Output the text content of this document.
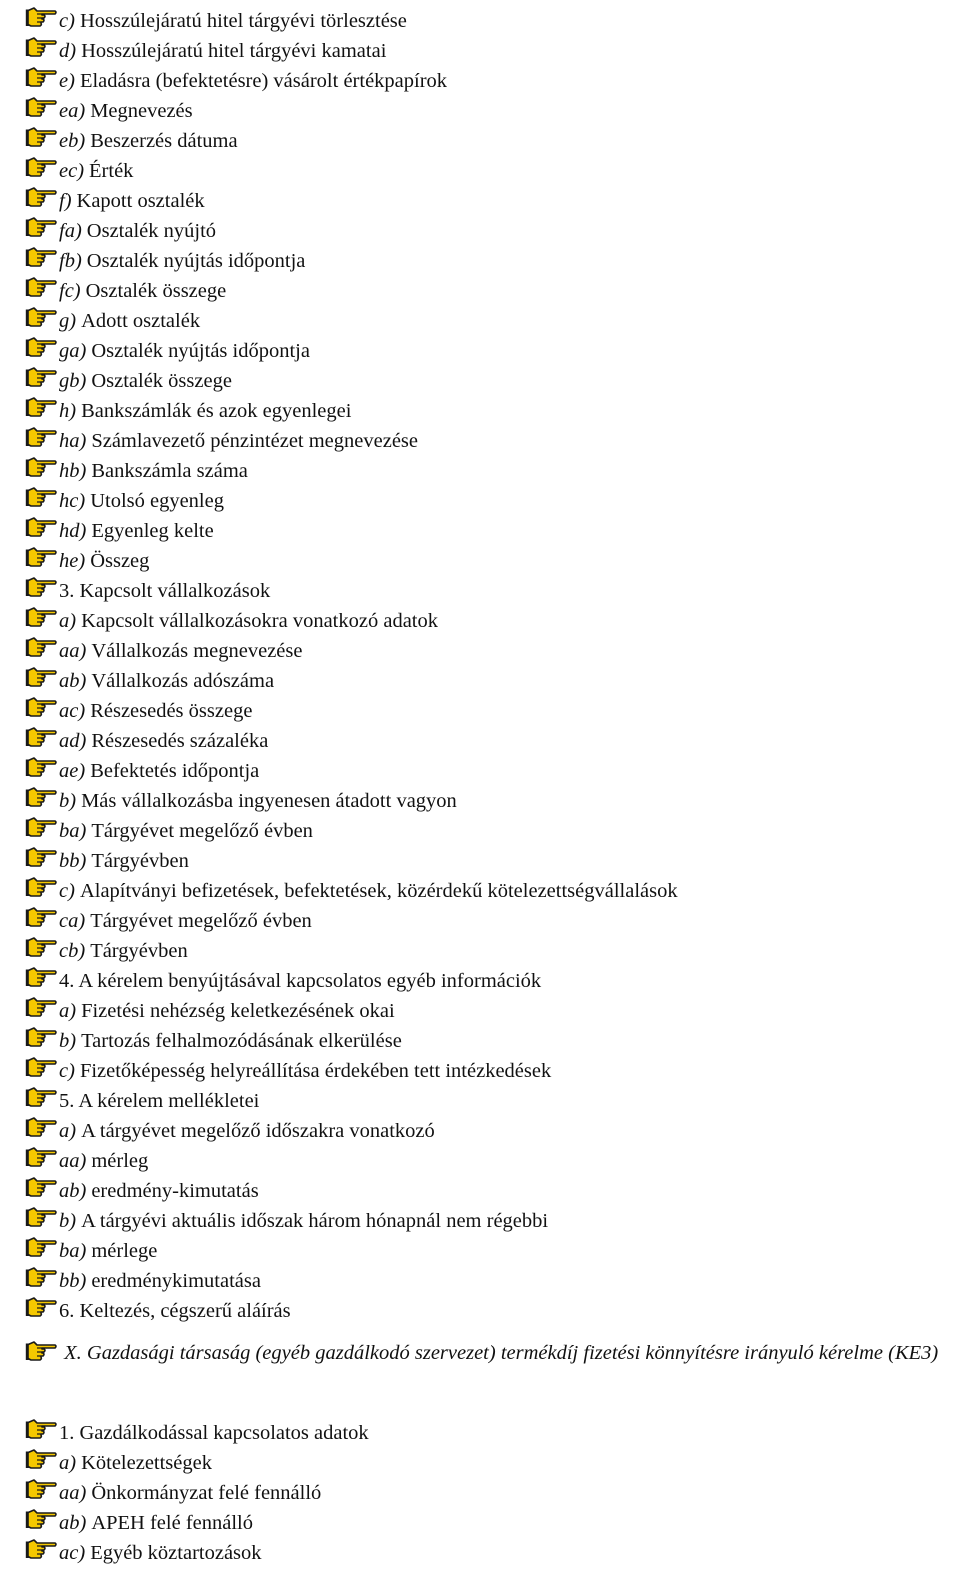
c) Hosszúlejáratú hitel tárgyévi törlesztése
d) Hosszúlejáratú hitel tárgyévi kamatai
e) Eladásra (befektetésre) vásárolt értékpapírok
ea) Megnevezés
eb) Beszerzés dátuma
ec) Érték
f) Kapott osztalék
fa) Osztalék nyújtó
fb) Osztalék nyújtás időpontja
fc) Osztalék összege
g) Adott osztalék
ga) Osztalék nyújtás időpontja
gb) Osztalék összege
h) Bankszámlák és azok egyenlegei
ha) Számlavezető pénzintézet megnevezése
hb) Bankszámla száma
hc) Utolsó egyenleg
hd) Egyenleg kelte
he) Összeg
3. Kapcsolt vállalkozások
a) Kapcsolt vállalkozásokra vonatkozó adatok
aa) Vállalkozás megnevezése
ab) Vállalkozás adószáma
ac) Részesedés összege
ad) Részesedés százaléka
ae) Befektetés időpontja
b) Más vállalkozásba ingyenesen átadott vagyon
ba) Tárgyévet megelőző évben
bb) Tárgyévben
c) Alapítványi befizetések, befektetések, közérdekű kötelezettségvállalások
ca) Tárgyévet megelőző évben
cb) Tárgyévben
4. A kérelem benyújtásával kapcsolatos egyéb információk
a) Fizetési nehézség keletkezésének okai
b) Tartozás felhalmozódásának elkerülése
c) Fizetőképesség helyreállítása érdekében tett intézkedések
5. A kérelem mellékletei
a) A tárgyévet megelőző időszakra vonatkozó
aa) mérleg
ab) eredmény-kimutatás
b) A tárgyévi aktuális időszak három hónapnál nem régebbi
ba) mérlege
bb) eredménykimutatása
6. Keltezés, cégszerű aláírás
X. Gazdasági társaság (egyéb gazdálkodó szervezet) termékdíj fizetési könnyítésre irányuló kérelme (KE3)
1. Gazdálkodással kapcsolatos adatok
a) Kötelezettségek
aa) Önkormányzat felé fennálló
ab) APEH felé fennálló
ac) Egyéb köztartozások
